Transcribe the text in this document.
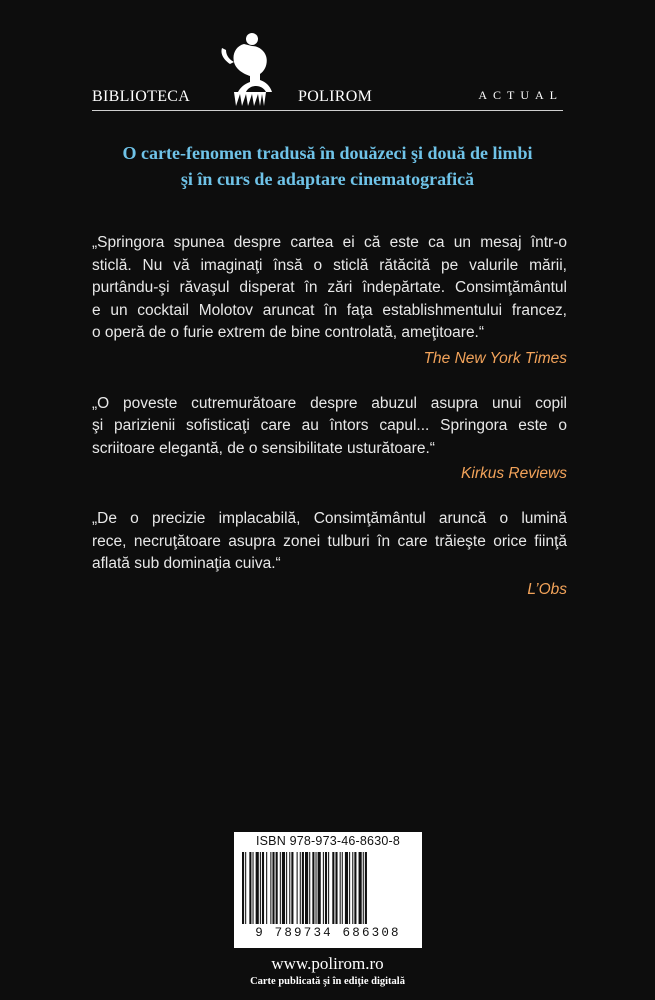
BIBLIOTECA	POLIROM	ACTUAL
O carte-fenomen tradusă în douăzeci şi două de limbi
şi în curs de adaptare cinematografică
„Springora spunea despre cartea ei că este ca un mesaj într-o
sticlă. Nu vă imaginaţi însă o sticlă rătăcită pe valurile mării,
purtându-şi răvaşul disperat în zări îndepărtate. Consimţământul
e un cocktail Molotov aruncat în faţa establishmentului francez,
o operă de o furie extrem de bine controlată, ameţitoare.“
The New York Times
„O poveste cutremurătoare despre abuzul asupra unui copil
şi parizienii sofisticaţi care au întors capul... Springora este o
scriitoare elegantă, de o sensibilitate usturătoare.“
Kirkus Reviews
„De o precizie implacabilă, Consimţământul aruncă o lumină
rece, necruţătoare asupra zonei tulburi în care trăieşte orice fiinţă
aflată sub dominaţia cuiva.“
L’Obs
ISBN 978-973-46-8630-8
9 789734 686308
www.polirom.ro
Carte publicată şi în ediţie digitală
